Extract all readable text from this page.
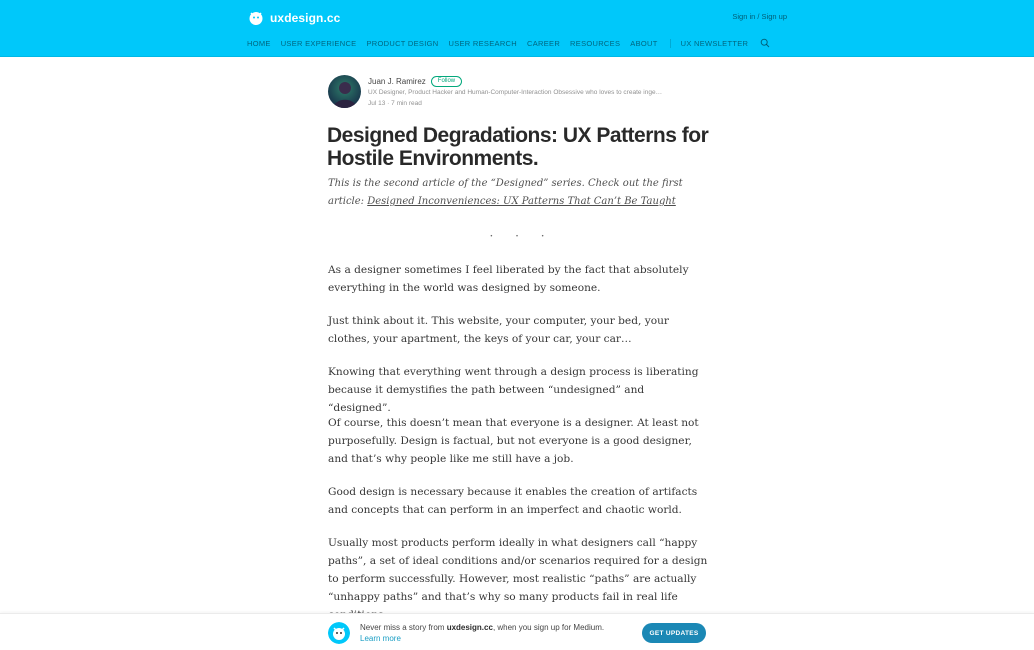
uxdesign.cc	Sign in / Sign up
HOME USER EXPERIENCE PRODUCT DESIGN USER RESEARCH CAREER RESOURCES ABOUT	UX NEWSLETTER
Juan J. Ramirez	Follow
UX Designer, Product Hacker and Human-Computer-Interaction Obsessive who loves to create inge…
Jul 13 · 7 min read
Designed Degradations: UX Patterns for Hostile Environments.

This is the second article of the “Designed” series. Check out the first article: Designed Inconveniences: UX Patterns That Can’t Be Taught

· · ·

As a designer sometimes I feel liberated by the fact that absolutely everything in the world was designed by someone.

Just think about it. This website, your computer, your bed, your clothes, your apartment, the keys of your car, your car…

Knowing that everything went through a design process is liberating because it demystifies the path between “undesigned” and “designed”.

Of course, this doesn’t mean that everyone is a designer. At least not purposefully. Design is factual, but not everyone is a good designer, and that’s why people like me still have a job.

Good design is necessary because it enables the creation of artifacts and concepts that can perform in an imperfect and chaotic world.

Usually most products perform ideally in what designers call “happy paths”, a set of ideal conditions and/or scenarios required for a design to perform successfully. However, most realistic “paths” are actually “unhappy paths” and that’s why so many products fail in real life

Never miss a story from uxdesign.cc, when you sign up for Medium. Learn more
GET UPDATES
